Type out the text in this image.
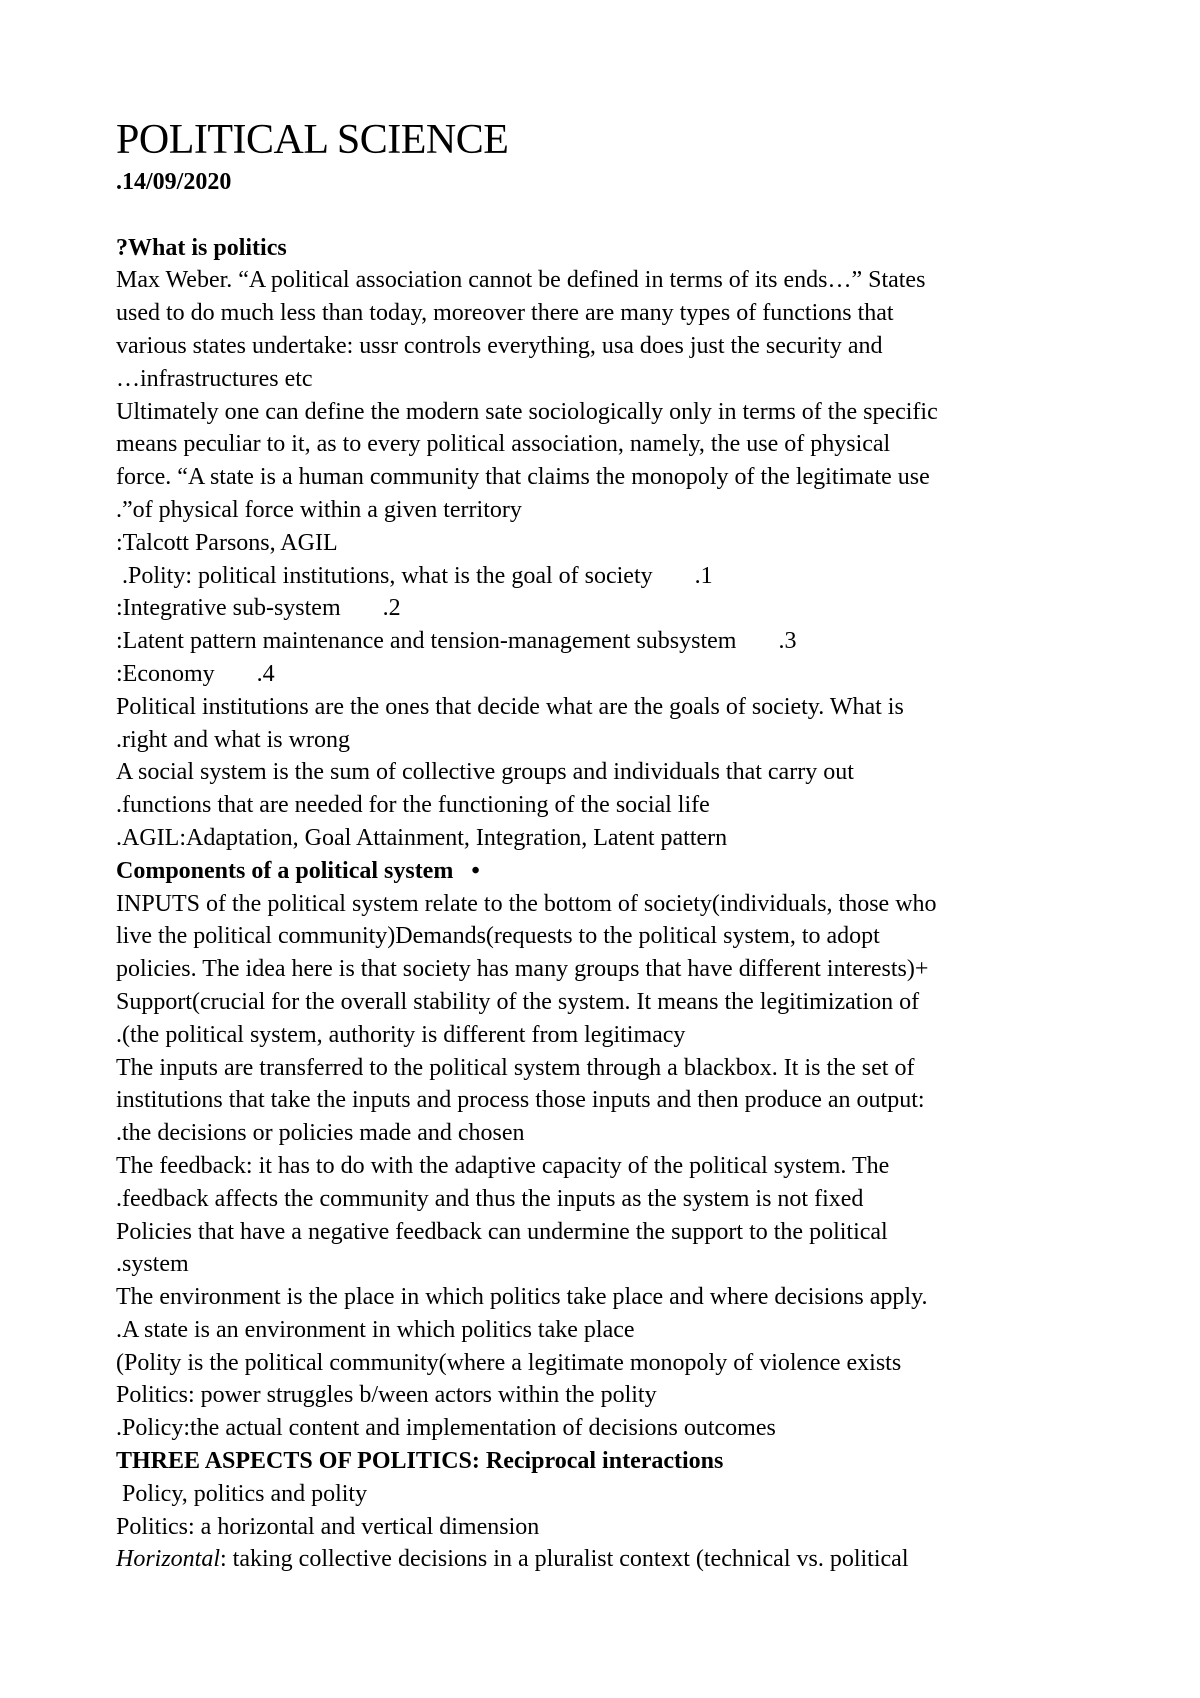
POLITICAL SCIENCE
.14/09/2020
?What is politics
Max Weber. “A political association cannot be defined in terms of its ends…” States
used to do much less than today, moreover there are many types of functions that
various states undertake: ussr controls everything, usa does just the security and
…infrastructures etc
Ultimately one can define the modern sate sociologically only in terms of the specific
means peculiar to it, as to every political association, namely, the use of physical
force. “A state is a human community that claims the monopoly of the legitimate use
.”of physical force within a given territory
:Talcott Parsons, AGIL
.Polity: political institutions, what is the goal of society       .1
:Integrative sub-system       .2
:Latent pattern maintenance and tension-management subsystem       .3
:Economy       .4
Political institutions are the ones that decide what are the goals of society. What is
.right and what is wrong
A social system is the sum of collective groups and individuals that carry out
.functions that are needed for the functioning of the social life
.AGIL:Adaptation, Goal Attainment, Integration, Latent pattern
Components of a political system   •
INPUTS of the political system relate to the bottom of society(individuals, those who
live the political community)Demands(requests to the political system, to adopt
policies. The idea here is that society has many groups that have different interests)+
Support(crucial for the overall stability of the system. It means the legitimization of
.(the political system, authority is different from legitimacy
The inputs are transferred to the political system through a blackbox. It is the set of
institutions that take the inputs and process those inputs and then produce an output:
.the decisions or policies made and chosen
The feedback: it has to do with the adaptive capacity of the political system. The
.feedback affects the community and thus the inputs as the system is not fixed
Policies that have a negative feedback can undermine the support to the political
.system
The environment is the place in which politics take place and where decisions apply.
.A state is an environment in which politics take place
(Polity is the political community(where a legitimate monopoly of violence exists
Politics: power struggles b/ween actors within the polity
.Policy:the actual content and implementation of decisions outcomes
THREE ASPECTS OF POLITICS: Reciprocal interactions
Policy, politics and polity
Politics: a horizontal and vertical dimension
Horizontal: taking collective decisions in a pluralist context (technical vs. political
